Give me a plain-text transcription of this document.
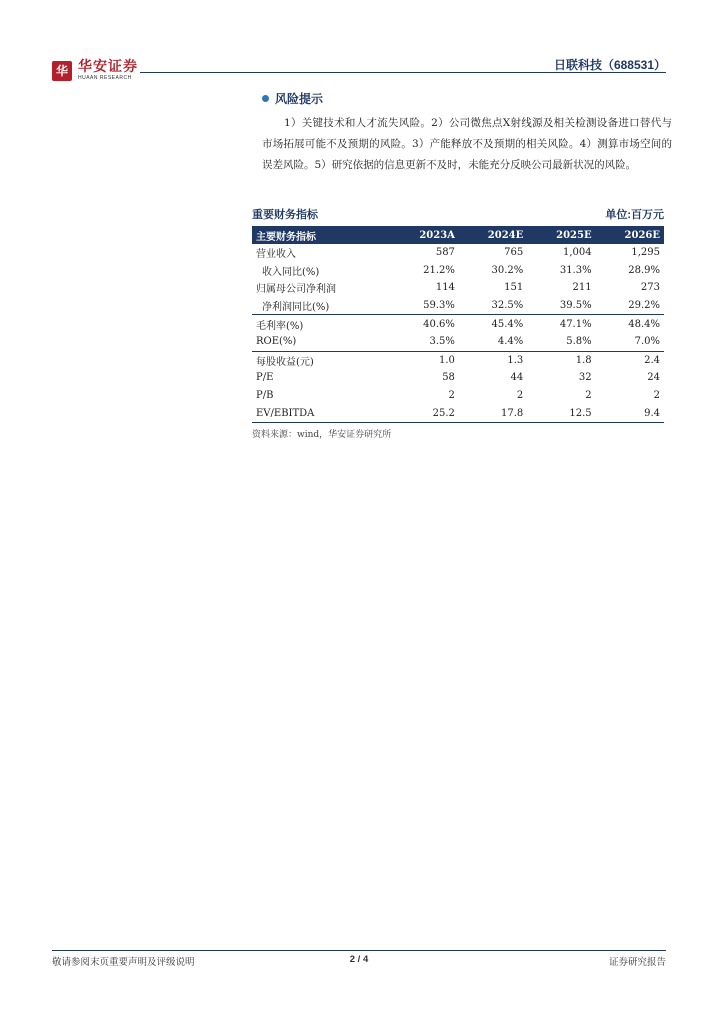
华 华安证券
HUAAN RESEARCH
日联科技（688531）
风险提示
1）关键技术和人才流失风险。2）公司微焦点X射线源及相关检测设备进口替代与市场拓展可能不及预期的风险。3）产能释放不及预期的相关风险。4）测算市场空间的误差风险。5）研究依据的信息更新不及时，未能充分反映公司最新状况的风险。
重要财务指标	单位:百万元
主要财务指标	2023A	2024E	2025E	2026E
营业收入	587	765	1,004	1,295
收入同比(%)	21.2%	30.2%	31.3%	28.9%
归属母公司净利润	114	151	211	273
净利润同比(%)	59.3%	32.5%	39.5%	29.2%
毛利率(%)	40.6%	45.4%	47.1%	48.4%
ROE(%)	3.5%	4.4%	5.8%	7.0%
每股收益(元)	1.0	1.3	1.8	2.4
P/E	58	44	32	24
P/B	2	2	2	2
EV/EBITDA	25.2	17.8	12.5	9.4
资料来源：wind，华安证券研究所
敬请参阅末页重要声明及评级说明	2 / 4	证券研究报告
